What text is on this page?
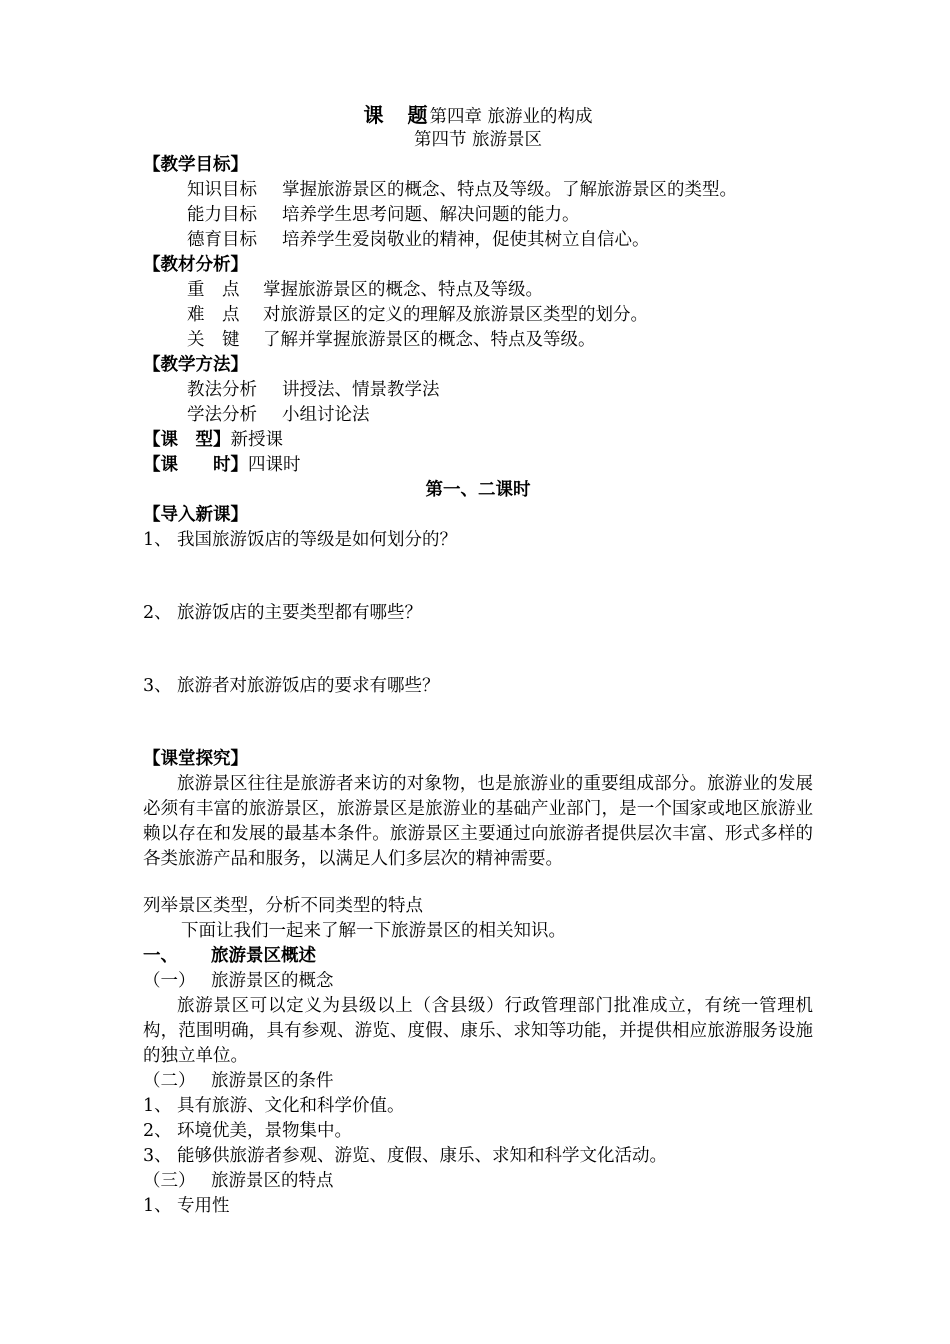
课　题第四章 旅游业的构成
第四节 旅游景区
【教学目标】
知识目标 掌握旅游景区的概念、特点及等级。了解旅游景区的类型。
能力目标 培养学生思考问题、解决问题的能力。
德育目标 培养学生爱岗敬业的精神，促使其树立自信心。
【教材分析】
重　点 掌握旅游景区的概念、特点及等级。
难　点 对旅游景区的定义的理解及旅游景区类型的划分。
关　键 了解并掌握旅游景区的概念、特点及等级。
【教学方法】
教法分析 讲授法、情景教学法
学法分析 小组讨论法
【课　型】新授课
【课　　时】四课时
第一、二课时
【导入新课】
1、 我国旅游饭店的等级是如何划分的？
2、 旅游饭店的主要类型都有哪些？
3、 旅游者对旅游饭店的要求有哪些？
【课堂探究】
旅游景区往往是旅游者来访的对象物，也是旅游业的重要组成部分。旅游业的发展必须有丰富的旅游景区，旅游景区是旅游业的基础产业部门，是一个国家或地区旅游业赖以存在和发展的最基本条件。旅游景区主要通过向旅游者提供层次丰富、形式多样的各类旅游产品和服务，以满足人们多层次的精神需要。
列举景区类型，分析不同类型的特点
下面让我们一起来了解一下旅游景区的相关知识。
一、 旅游景区概述
（一） 旅游景区的概念
旅游景区可以定义为县级以上（含县级）行政管理部门批准成立，有统一管理机构，范围明确，具有参观、游览、度假、康乐、求知等功能，并提供相应旅游服务设施的独立单位。
（二） 旅游景区的条件
1、 具有旅游、文化和科学价值。
2、 环境优美，景物集中。
3、 能够供旅游者参观、游览、度假、康乐、求知和科学文化活动。
（三） 旅游景区的特点
1、 专用性
